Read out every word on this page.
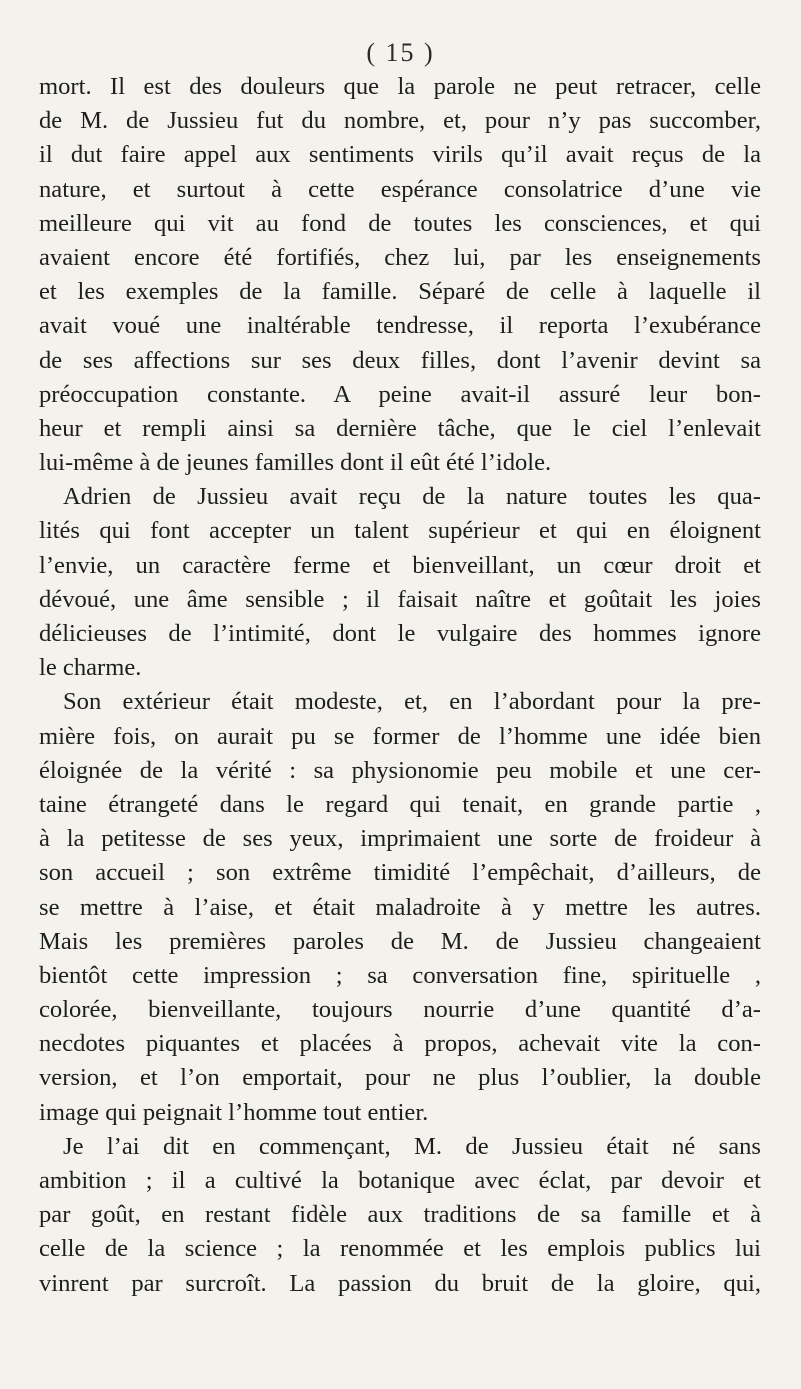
( 15 )
mort. Il est des douleurs que la parole ne peut retracer, celle
de M. de Jussieu fut du nombre, et, pour n’y pas succomber,
il dut faire appel aux sentiments virils qu’il avait reçus de la
nature, et surtout à cette espérance consolatrice d’une vie
meilleure qui vit au fond de toutes les consciences, et qui
avaient encore été fortifiés, chez lui, par les enseignements
et les exemples de la famille. Séparé de celle à laquelle il
avait voué une inaltérable tendresse, il reporta l’exubérance
de ses affections sur ses deux filles, dont l’avenir devint sa
préoccupation constante. A peine avait-il assuré leur bon-
heur et rempli ainsi sa dernière tâche, que le ciel l’enlevait
lui-même à de jeunes familles dont il eût été l’idole.
Adrien de Jussieu avait reçu de la nature toutes les qua-
lités qui font accepter un talent supérieur et qui en éloignent
l’envie, un caractère ferme et bienveillant, un cœur droit et
dévoué, une âme sensible ; il faisait naître et goûtait les joies
délicieuses de l’intimité, dont le vulgaire des hommes ignore
le charme.
Son extérieur était modeste, et, en l’abordant pour la pre-
mière fois, on aurait pu se former de l’homme une idée bien
éloignée de la vérité : sa physionomie peu mobile et une cer-
taine étrangeté dans le regard qui tenait, en grande partie ,
à la petitesse de ses yeux, imprimaient une sorte de froideur à
son accueil ; son extrême timidité l’empêchait, d’ailleurs, de
se mettre à l’aise, et était maladroite à y mettre les autres.
Mais les premières paroles de M. de Jussieu changeaient
bientôt cette impression ; sa conversation fine, spirituelle ,
colorée, bienveillante, toujours nourrie d’une quantité d’a-
necdotes piquantes et placées à propos, achevait vite la con-
version, et l’on emportait, pour ne plus l’oublier, la double
image qui peignait l’homme tout entier.
Je l’ai dit en commençant, M. de Jussieu était né sans
ambition ; il a cultivé la botanique avec éclat, par devoir et
par goût, en restant fidèle aux traditions de sa famille et à
celle de la science ; la renommée et les emplois publics lui
vinrent par surcroît. La passion du bruit de la gloire, qui,
